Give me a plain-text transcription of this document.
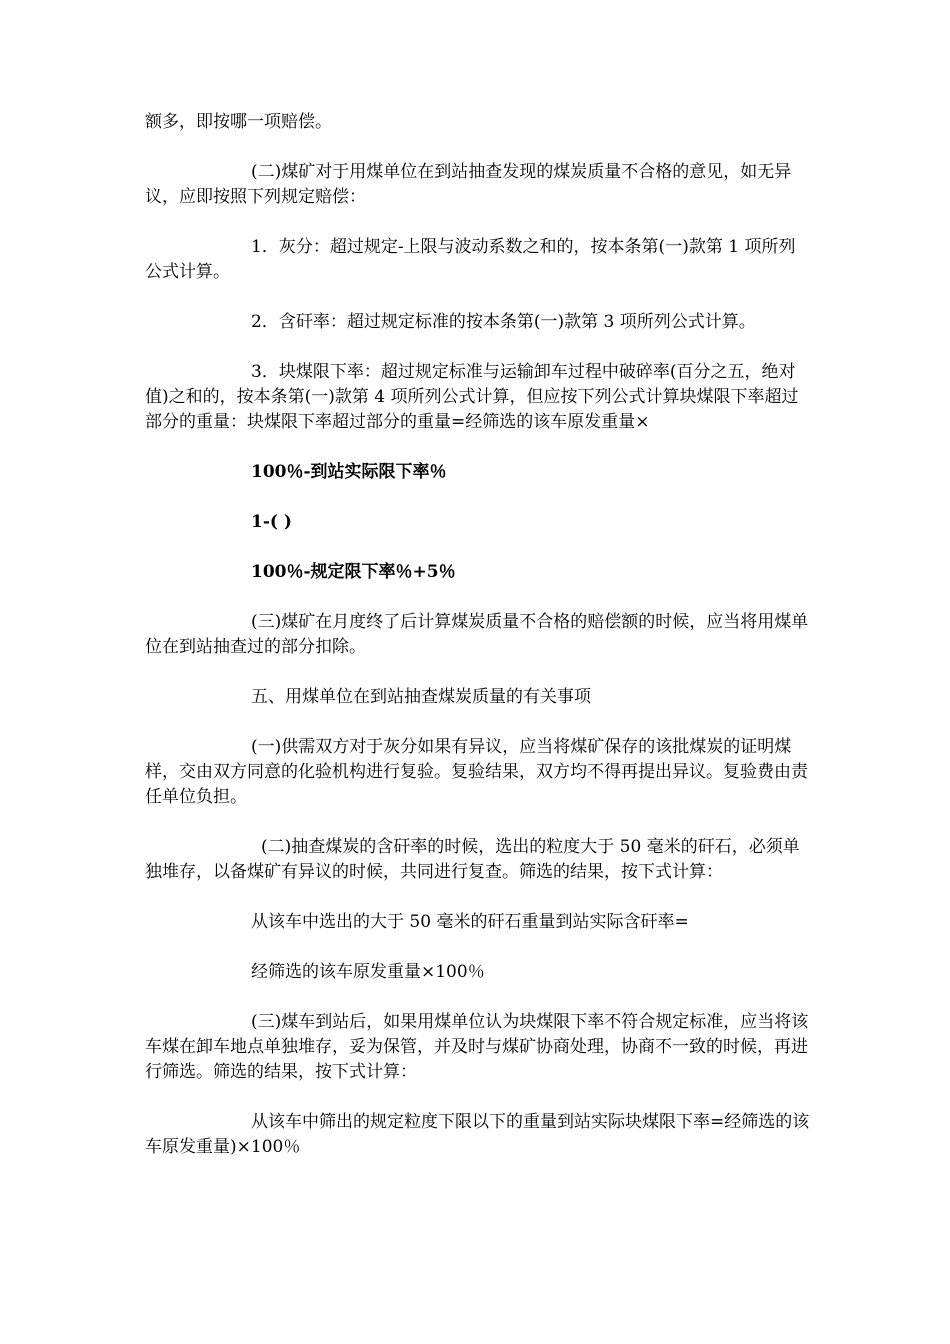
额多，即按哪一项赔偿。

(二)煤矿对于用煤单位在到站抽查发现的煤炭质量不合格的意见，如无异议，应即按照下列规定赔偿：

1．灰分：超过规定-上限与波动系数之和的，按本条第(一)款第 1 项所列公式计算。

2．含矸率：超过规定标准的按本条第(一)款第 3 项所列公式计算。

3．块煤限下率：超过规定标准与运输卸车过程中破碎率(百分之五，绝对值)之和的，按本条第(一)款第 4 项所列公式计算，但应按下列公式计算块煤限下率超过部分的重量：块煤限下率超过部分的重量=经筛选的该车原发重量×

100％-到站实际限下率％

1-( )

100％-规定限下率％+5％

(三)煤矿在月度终了后计算煤炭质量不合格的赔偿额的时候，应当将用煤单位在到站抽查过的部分扣除。

五、用煤单位在到站抽查煤炭质量的有关事项

(一)供需双方对于灰分如果有异议，应当将煤矿保存的该批煤炭的证明煤样，交由双方同意的化验机构进行复验。复验结果，双方均不得再提出异议。复验费由责任单位负担。

(二)抽查煤炭的含矸率的时候，选出的粒度大于 50 毫米的矸石，必须单独堆存，以备煤矿有异议的时候，共同进行复查。筛选的结果，按下式计算：

从该车中选出的大于 50 毫米的矸石重量到站实际含矸率=

经筛选的该车原发重量×100％

(三)煤车到站后，如果用煤单位认为块煤限下率不符合规定标准，应当将该车煤在卸车地点单独堆存，妥为保管，并及时与煤矿协商处理，协商不一致的时候，再进行筛选。筛选的结果，按下式计算：

从该车中筛出的规定粒度下限以下的重量到站实际块煤限下率=经筛选的该车原发重量)×100％
